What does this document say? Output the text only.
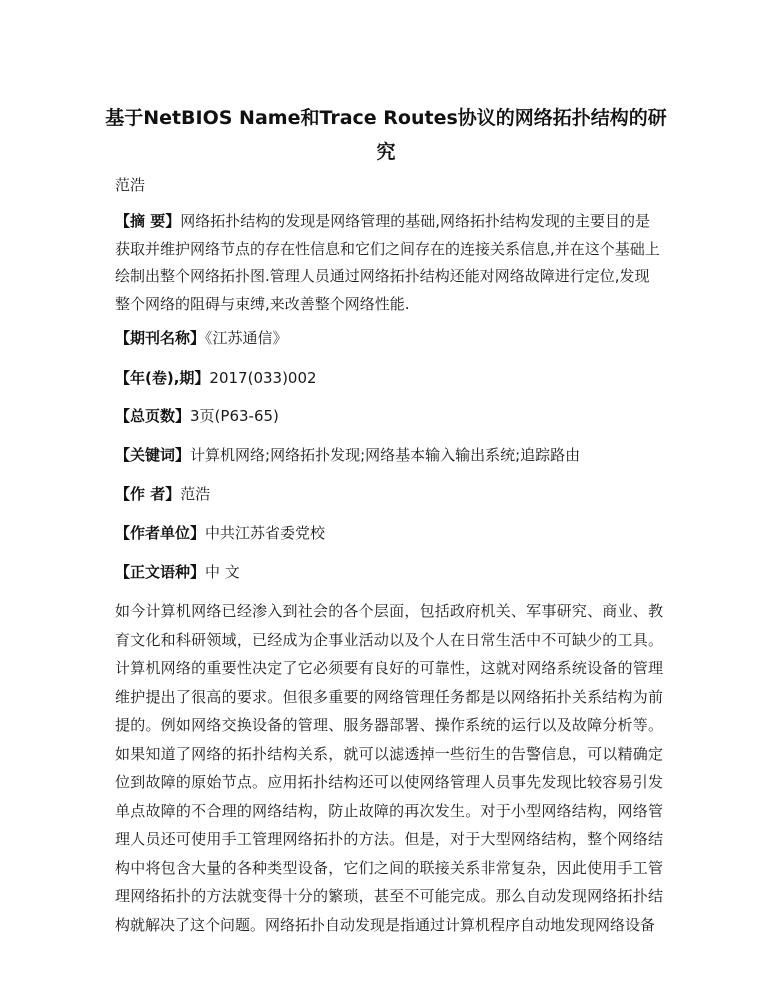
基于NetBIOS Name和Trace Routes协议的网络拓扑结构的研究
范浩

【摘 要】网络拓扑结构的发现是网络管理的基础,网络拓扑结构发现的主要目的是获取并维护网络节点的存在性信息和它们之间存在的连接关系信息,并在这个基础上绘制出整个网络拓扑图.管理人员通过网络拓扑结构还能对网络故障进行定位,发现整个网络的阻碍与束缚,来改善整个网络性能.

【期刊名称】《江苏通信》

【年(卷),期】2017(033)002

【总页数】3页(P63-65)

【关键词】计算机网络;网络拓扑发现;网络基本输入输出系统;追踪路由

【作 者】范浩

【作者单位】中共江苏省委党校

【正文语种】中 文

如今计算机网络已经渗入到社会的各个层面，包括政府机关、军事研究、商业、教育文化和科研领域，已经成为企事业活动以及个人在日常生活中不可缺少的工具。计算机网络的重要性决定了它必须要有良好的可靠性，这就对网络系统设备的管理维护提出了很高的要求。但很多重要的网络管理任务都是以网络拓扑关系结构为前提的。例如网络交换设备的管理、服务器部署、操作系统的运行以及故障分析等。如果知道了网络的拓扑结构关系，就可以滤透掉一些衍生的告警信息，可以精确定位到故障的原始节点。应用拓扑结构还可以使网络管理人员事先发现比较容易引发单点故障的不合理的网络结构，防止故障的再次发生。对于小型网络结构，网络管理人员还可使用手工管理网络拓扑的方法。但是，对于大型网络结构，整个网络结构中将包含大量的各种类型设备，它们之间的联接关系非常复杂，因此使用手工管理网络拓扑的方法就变得十分的繁琐，甚至不可能完成。那么自动发现网络拓扑结构就解决了这个问题。网络拓扑自动发现是指通过计算机程序自动地发现网络设备
